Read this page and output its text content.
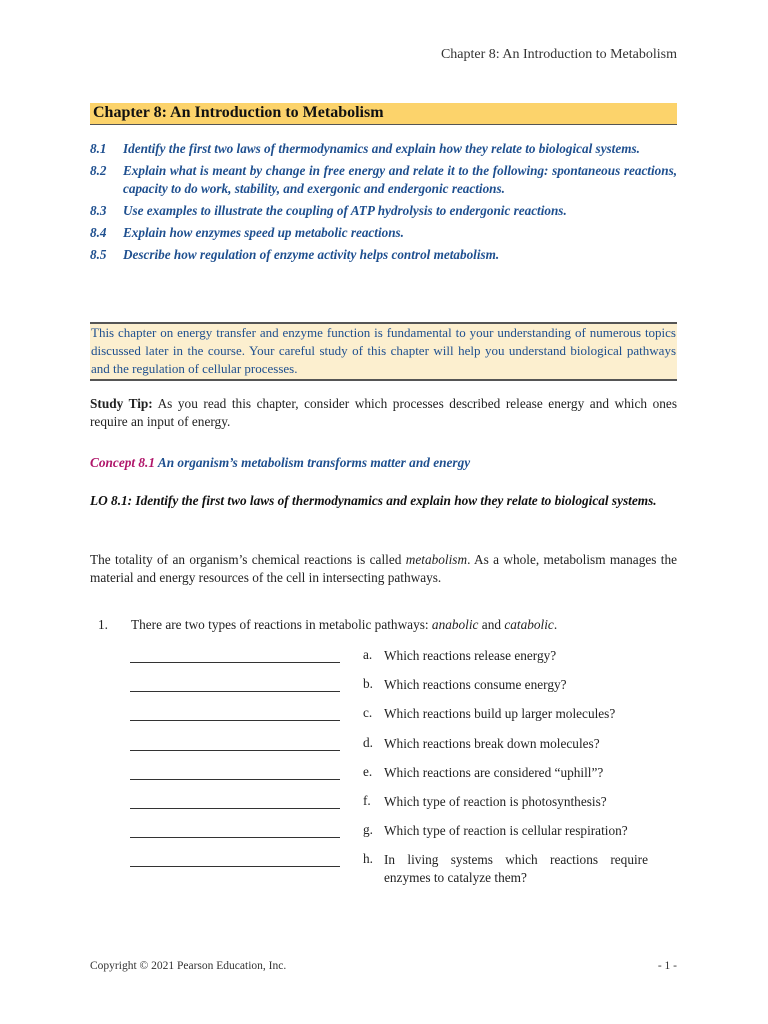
Chapter 8: An Introduction to Metabolism
Chapter 8: An Introduction to Metabolism
8.1	Identify the first two laws of thermodynamics and explain how they relate to biological systems.
8.2	Explain what is meant by change in free energy and relate it to the following: spontaneous reactions, capacity to do work, stability, and exergonic and endergonic reactions.
8.3	Use examples to illustrate the coupling of ATP hydrolysis to endergonic reactions.
8.4	Explain how enzymes speed up metabolic reactions.
8.5	Describe how regulation of enzyme activity helps control metabolism.

This chapter on energy transfer and enzyme function is fundamental to your understanding of numerous topics discussed later in the course. Your careful study of this chapter will help you understand biological pathways and the regulation of cellular processes.

Study Tip: As you read this chapter, consider which processes described release energy and which ones require an input of energy.
Concept 8.1 An organism’s metabolism transforms matter and energy
LO 8.1: Identify the first two laws of thermodynamics and explain how they relate to biological systems.
The totality of an organism’s chemical reactions is called metabolism. As a whole, metabolism manages the material and energy resources of the cell in intersecting pathways.
1. There are two types of reactions in metabolic pathways: anabolic and catabolic.
a. Which reactions release energy?
b. Which reactions consume energy?
c. Which reactions build up larger molecules?
d. Which reactions break down molecules?
e. Which reactions are considered “uphill”?
f. Which type of reaction is photosynthesis?
g. Which type of reaction is cellular respiration?
h. In living systems which reactions require enzymes to catalyze them?
Copyright © 2021 Pearson Education, Inc.	- 1 -
